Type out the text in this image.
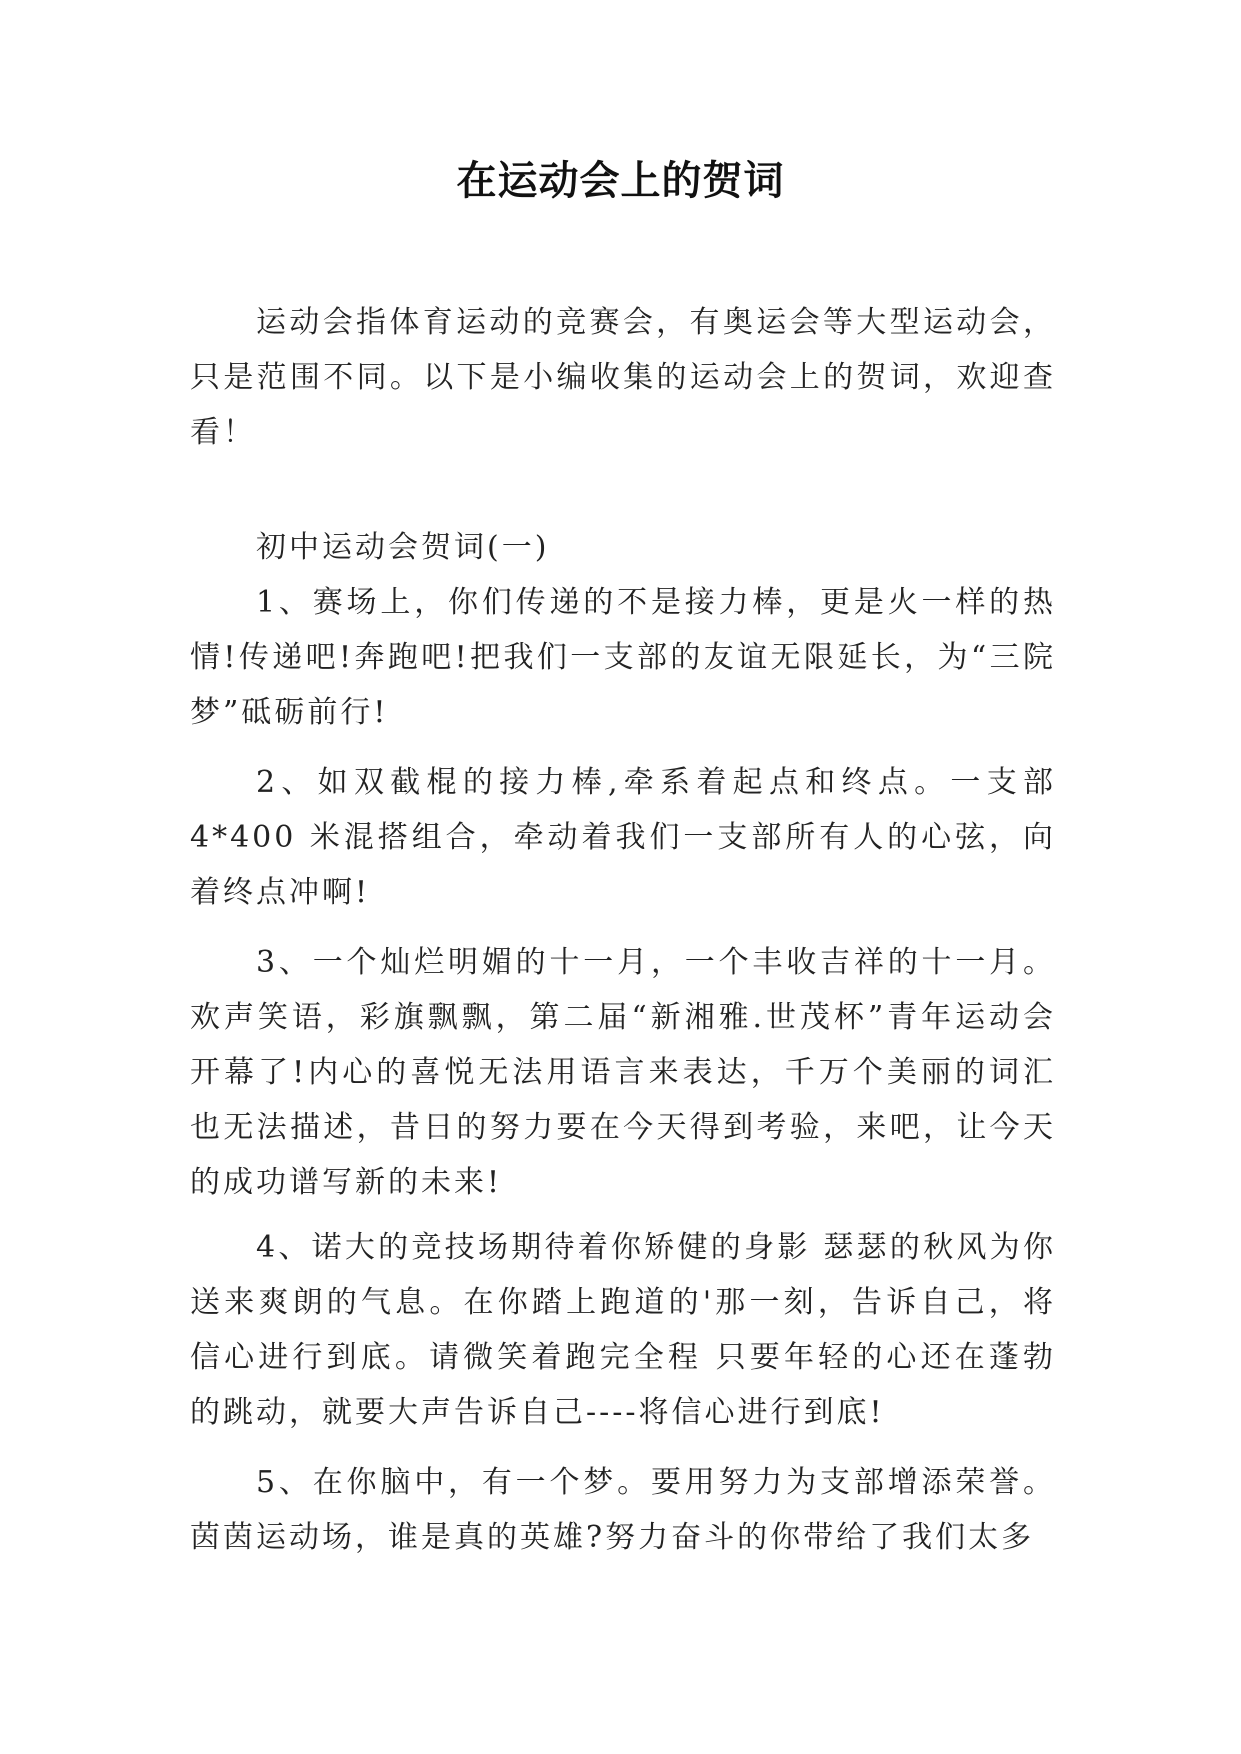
在运动会上的贺词

运动会指体育运动的竞赛会，有奥运会等大型运动会，只是范围不同。以下是小编收集的运动会上的贺词，欢迎查看！

初中运动会贺词(一)

1、赛场上，你们传递的不是接力棒，更是火一样的热情!传递吧!奔跑吧!把我们一支部的友谊无限延长，为“三院梦”砥砺前行!

2、如双截棍的接力棒,牵系着起点和终点。一支部 4*400 米混搭组合，牵动着我们一支部所有人的心弦，向着终点冲啊!

3、一个灿烂明媚的十一月，一个丰收吉祥的十一月。欢声笑语，彩旗飘飘，第二届“新湘雅.世茂杯”青年运动会开幕了!内心的喜悦无法用语言来表达，千万个美丽的词汇也无法描述，昔日的努力要在今天得到考验，来吧，让今天的成功谱写新的未来!

4、诺大的竞技场期待着你矫健的身影 瑟瑟的秋风为你送来爽朗的气息。在你踏上跑道的'那一刻，告诉自己，将信心进行到底。请微笑着跑完全程 只要年轻的心还在蓬勃的跳动，就要大声告诉自己----将信心进行到底!

5、在你脑中，有一个梦。要用努力为支部增添荣誉。茵茵运动场，谁是真的英雄?努力奋斗的你带给了我们太多
